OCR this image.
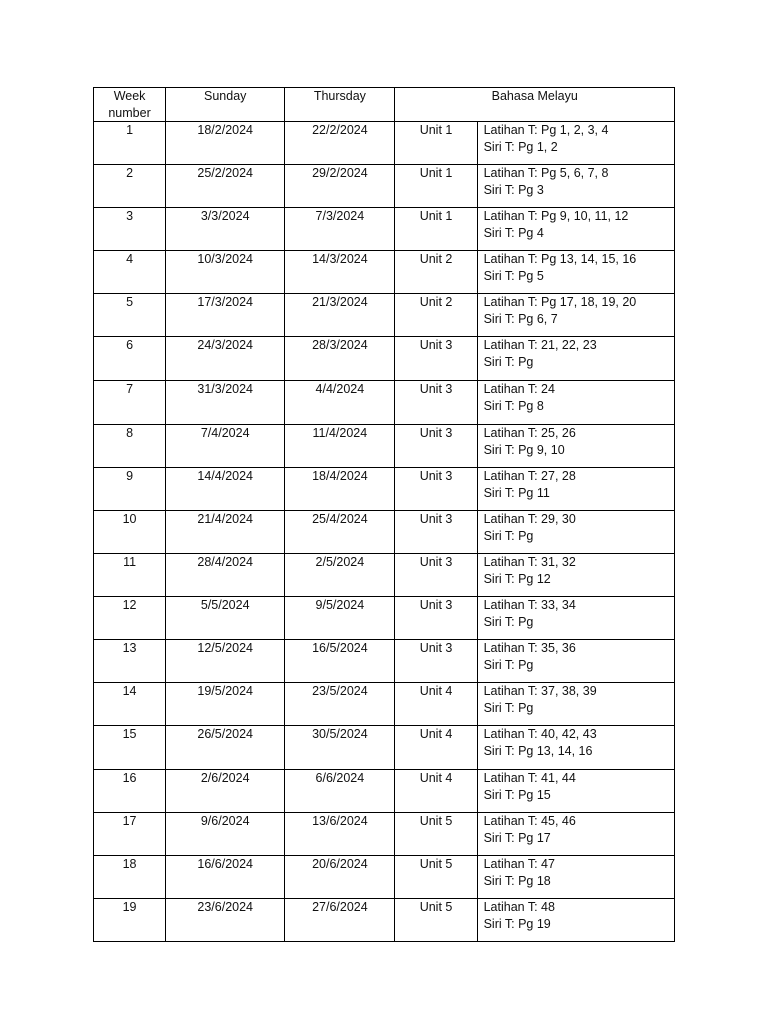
Week
number	Sunday	Thursday	Bahasa Melayu	
1	18/2/2024	22/2/2024	Unit 1	Latihan T: Pg 1, 2, 3, 4
Siri T: Pg 1, 2

2	25/2/2024	29/2/2024	Unit 1	Latihan T: Pg 5, 6, 7, 8
Siri T: Pg 3

3	3/3/2024	7/3/2024	Unit 1	Latihan T: Pg 9, 10, 11, 12
Siri T: Pg 4

4	10/3/2024	14/3/2024	Unit 2	Latihan T: Pg 13, 14, 15, 16
Siri T: Pg 5

5	17/3/2024	21/3/2024	Unit 2	Latihan T: Pg 17, 18, 19, 20
Siri T: Pg 6, 7

6	24/3/2024	28/3/2024	Unit 3	Latihan T: 21, 22, 23
Siri T: Pg

7	31/3/2024	4/4/2024	Unit 3	Latihan T: 24
Siri T: Pg 8

8	7/4/2024	11/4/2024	Unit 3	Latihan T: 25, 26
Siri T: Pg 9, 10

9	14/4/2024	18/4/2024	Unit 3	Latihan T: 27, 28
Siri T: Pg 11

10	21/4/2024	25/4/2024	Unit 3	Latihan T: 29, 30
Siri T: Pg

11	28/4/2024	2/5/2024	Unit 3	Latihan T: 31, 32
Siri T: Pg 12

12	5/5/2024	9/5/2024	Unit 3	Latihan T: 33, 34
Siri T: Pg

13	12/5/2024	16/5/2024	Unit 3	Latihan T: 35, 36
Siri T: Pg

14	19/5/2024	23/5/2024	Unit 4	Latihan T: 37, 38, 39
Siri T: Pg

15	26/5/2024	30/5/2024	Unit 4	Latihan T: 40, 42, 43
Siri T: Pg 13, 14, 16

16	2/6/2024	6/6/2024	Unit 4	Latihan T: 41, 44
Siri T: Pg 15

17	9/6/2024	13/6/2024	Unit 5	Latihan T: 45, 46
Siri T: Pg 17

18	16/6/2024	20/6/2024	Unit 5	Latihan T: 47
Siri T: Pg 18

19	23/6/2024	27/6/2024	Unit 5	Latihan T: 48
Siri T: Pg 19
